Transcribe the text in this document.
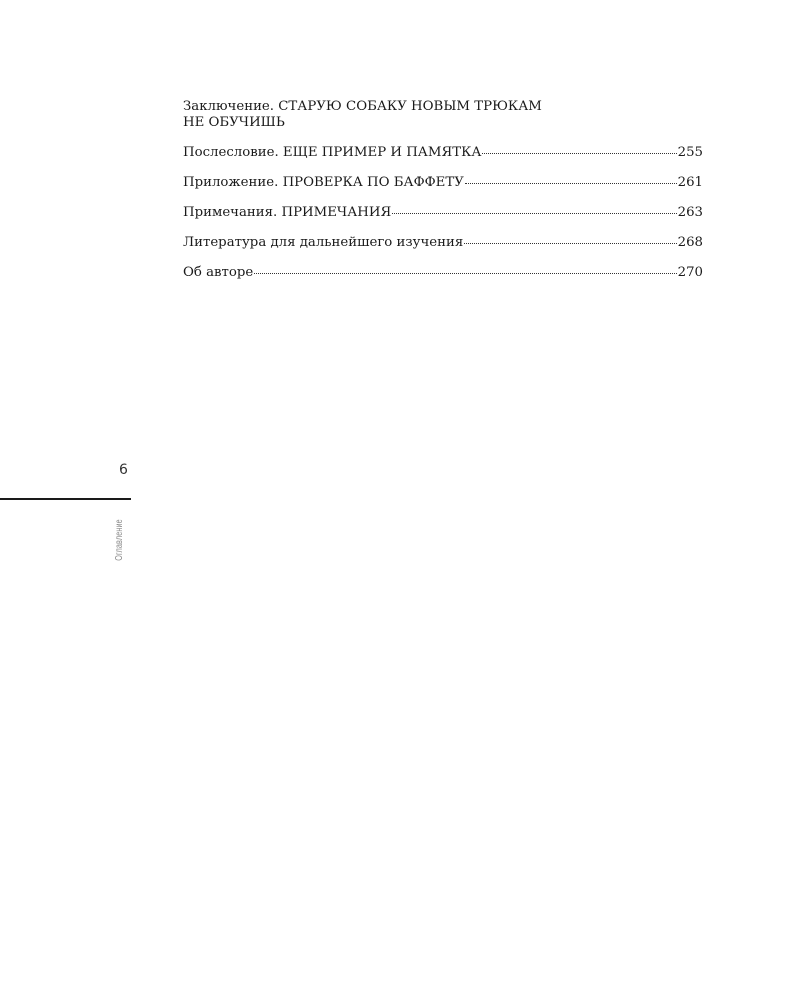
Заключение. СТАРУЮ СОБАКУ НОВЫМ ТРЮКАМ
НЕ ОБУЧИШЬ
Послесловие. ЕЩЕ ПРИМЕР И ПАМЯТКА	255
Приложение. ПРОВЕРКА ПО БАФФЕТУ	261
Примечания. ПРИМЕЧАНИЯ	263
Литература для дальнейшего изучения	268
Об авторе	270
6
Оглавление
